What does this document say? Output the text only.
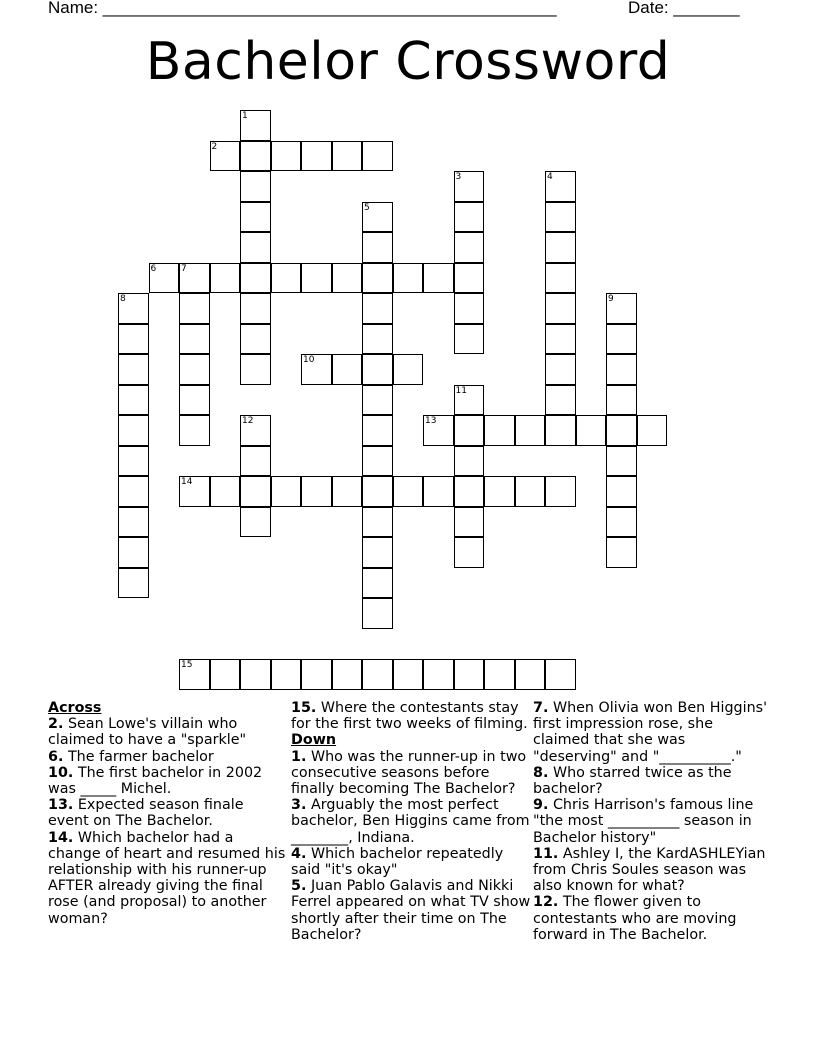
Name: ________________________________________________	Date: _______
Bachelor Crossword
1
2
3	4
5
6	7
8	9
10
11
12	13
14
15
Across
2. Sean Lowe's villain who claimed to have a "sparkle"
6. The farmer bachelor
10. The first bachelor in 2002 was _____ Michel.
13. Expected season finale event on The Bachelor.
14. Which bachelor had a change of heart and resumed his relationship with his runner-up AFTER already giving the final rose (and proposal) to another woman?
15. Where the contestants stay for the first two weeks of filming.
Down
1. Who was the runner-up in two consecutive seasons before finally becoming The Bachelor?
3. Arguably the most perfect bachelor, Ben Higgins came from ________, Indiana.
4. Which bachelor repeatedly said "it's okay"
5. Juan Pablo Galavis and Nikki Ferrel appeared on what TV show shortly after their time on The Bachelor?
7. When Olivia won Ben Higgins' first impression rose, she claimed that she was "deserving" and "__________."
8. Who starred twice as the bachelor?
9. Chris Harrison's famous line "the most __________ season in Bachelor history"
11. Ashley I, the KardASHLEYian from Chris Soules season was also known for what?
12. The flower given to contestants who are moving forward in The Bachelor.
